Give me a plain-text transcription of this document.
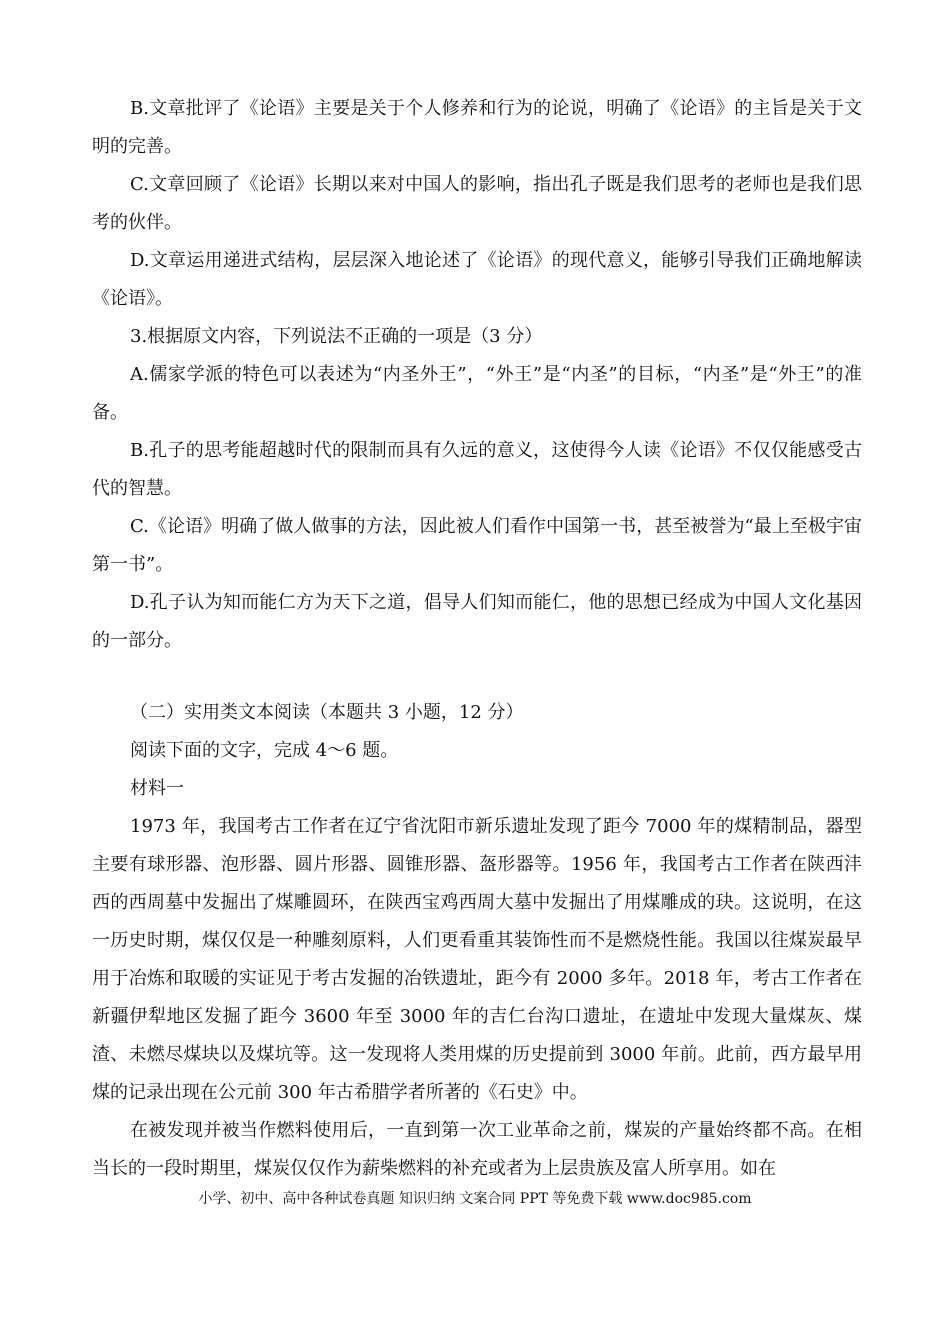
B.文章批评了《论语》主要是关于个人修养和行为的论说，明确了《论语》的主旨是关于文明的完善。

C.文章回顾了《论语》长期以来对中国人的影响，指出孔子既是我们思考的老师也是我们思考的伙伴。

D.文章运用递进式结构，层层深入地论述了《论语》的现代意义，能够引导我们正确地解读《论语》。

3.根据原文内容，下列说法不正确的一项是（3 分）

A.儒家学派的特色可以表述为“内圣外王”，“外王”是“内圣”的目标，“内圣”是“外王”的准备。

B.孔子的思考能超越时代的限制而具有久远的意义，这使得今人读《论语》不仅仅能感受古代的智慧。

C.《论语》明确了做人做事的方法，因此被人们看作中国第一书，甚至被誉为“最上至极宇宙第一书”。

D.孔子认为知而能仁方为天下之道，倡导人们知而能仁，他的思想已经成为中国人文化基因的一部分。

（二）实用类文本阅读（本题共 3 小题，12 分）

阅读下面的文字，完成 4～6 题。

材料一

1973 年，我国考古工作者在辽宁省沈阳市新乐遗址发现了距今 7000 年的煤精制品，器型主要有球形器、泡形器、圆片形器、圆锥形器、盔形器等。1956 年，我国考古工作者在陕西沣西的西周墓中发掘出了煤雕圆环，在陕西宝鸡西周大墓中发掘出了用煤雕成的玦。这说明，在这一历史时期，煤仅仅是一种雕刻原料，人们更看重其装饰性而不是燃烧性能。我国以往煤炭最早用于冶炼和取暖的实证见于考古发掘的冶铁遗址，距今有 2000 多年。2018 年，考古工作者在新疆伊犁地区发掘了距今 3600 年至 3000 年的吉仁台沟口遗址，在遗址中发现大量煤灰、煤渣、未燃尽煤块以及煤坑等。这一发现将人类用煤的历史提前到 3000 年前。此前，西方最早用煤的记录出现在公元前 300 年古希腊学者所著的《石史》中。

在被发现并被当作燃料使用后，一直到第一次工业革命之前，煤炭的产量始终都不高。在相当长的一段时期里，煤炭仅仅作为薪柴燃料的补充或者为上层贵族及富人所享用。如在

小学、初中、高中各种试卷真题 知识归纳 文案合同 PPT 等免费下载 www.doc985.com
